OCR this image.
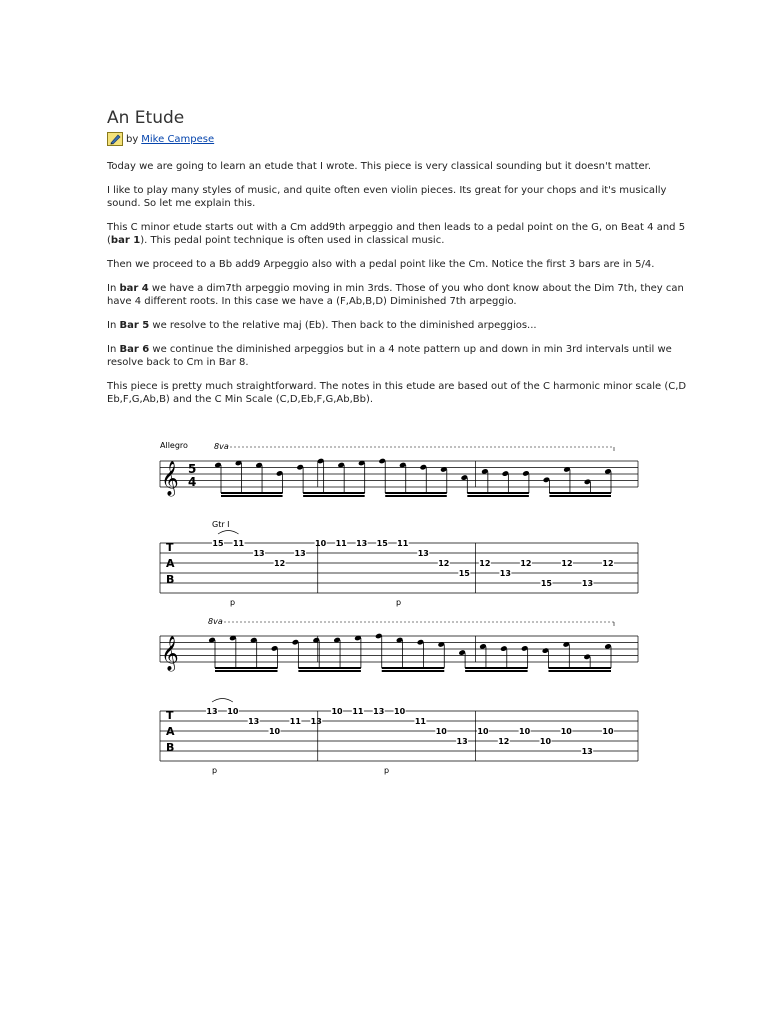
An Etude
by Mike Campese

Today we are going to learn an etude that I wrote. This piece is very classical sounding but it doesn't matter.

I like to play many styles of music, and quite often even violin pieces. Its great for your chops and it's musically sound. So let me explain this.

This C minor etude starts out with a Cm add9th arpeggio and then leads to a pedal point on the G, on Beat 4 and 5 (bar 1). This pedal point technique is often used in classical music.

Then we proceed to a Bb add9 Arpeggio also with a pedal point like the Cm. Notice the first 3 bars are in 5/4.

In bar 4 we have a dim7th arpeggio moving in min 3rds. Those of you who dont know about the Dim 7th, they can have 4 different roots. In this case we have a (F,Ab,B,D) Diminished 7th arpeggio.

In Bar 5 we resolve to the relative maj (Eb). Then back to the diminished arpeggios...

In Bar 6 we continue the diminished arpeggios but in a 4 note pattern up and down in min 3rd intervals until we resolve back to Cm in Bar 8.

This piece is pretty much straightforward. The notes in this etude are based out of the C harmonic minor scale (C,D Eb,F,G,Ab,B) and the C Min Scale (C,D,Eb,F,G,Ab,Bb).

Allegro	8va
𝄞 5
4
T
A
B
Gtr I
15 11
13
12
13
10 11 13 15 11
13
12
15
12
13
12
15
12
13
12
p	p
8va
𝄞
T
A
B
13 10
13
10
11 13
10 11 13 10
11
10
13
10
12
10
10
10
13
10
p	p
